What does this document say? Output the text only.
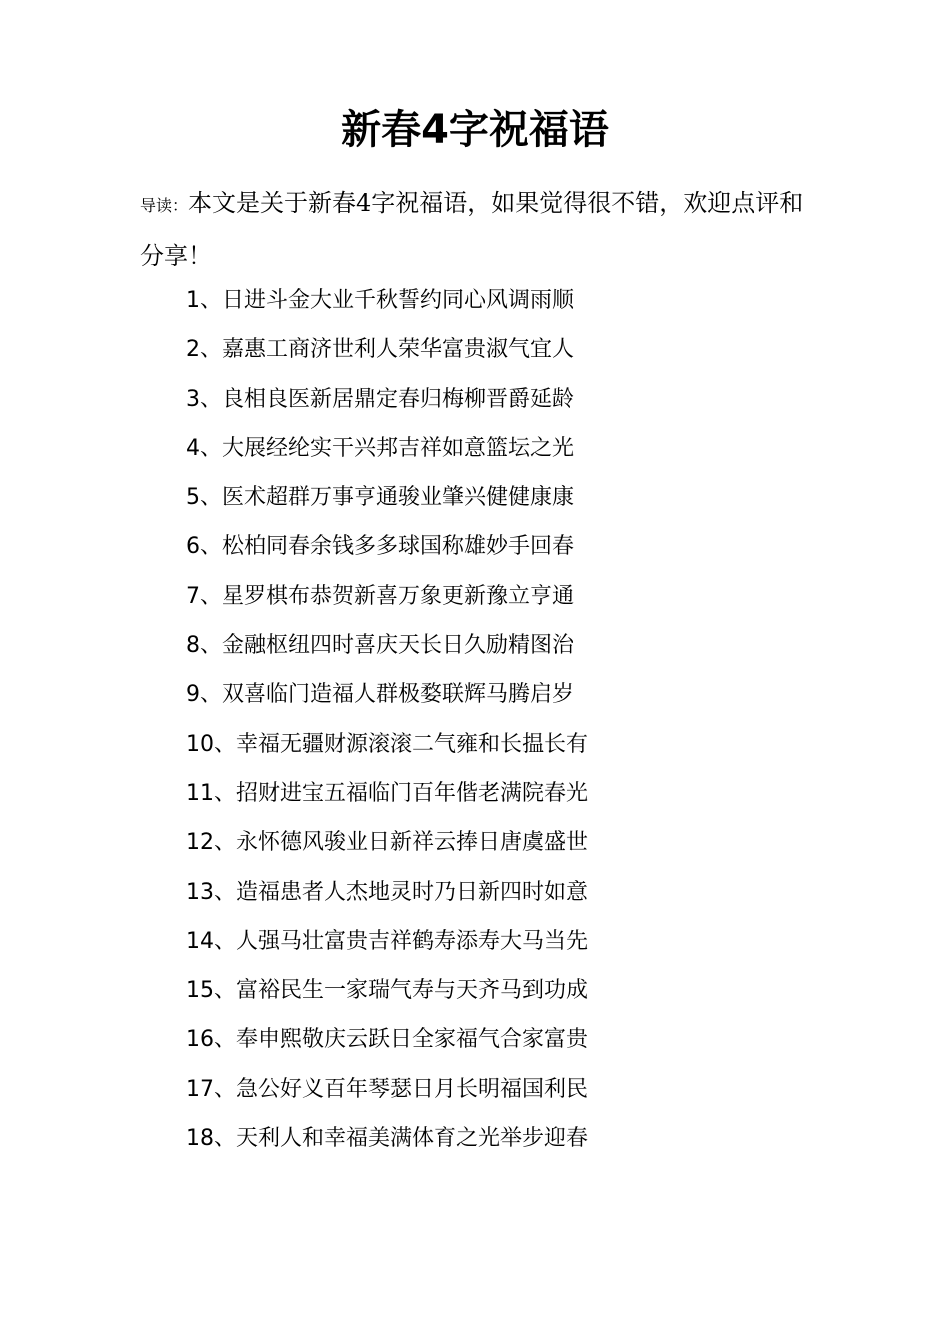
新春4字祝福语

导读：本文是关于新春4字祝福语，如果觉得很不错，欢迎点评和分享！

1、日进斗金大业千秋誓约同心风调雨顺
2、嘉惠工商济世利人荣华富贵淑气宜人
3、良相良医新居鼎定春归梅柳晋爵延龄
4、大展经纶实干兴邦吉祥如意篮坛之光
5、医术超群万事亨通骏业肇兴健健康康
6、松柏同春余钱多多球国称雄妙手回春
7、星罗棋布恭贺新喜万象更新豫立亨通
8、金融枢纽四时喜庆天长日久励精图治
9、双喜临门造福人群极婺联辉马腾启岁
10、幸福无疆财源滚滚二气雍和长揾长有
11、招财进宝五福临门百年偕老满院春光
12、永怀德风骏业日新祥云捧日唐虞盛世
13、造福患者人杰地灵时乃日新四时如意
14、人强马壮富贵吉祥鹤寿添寿大马当先
15、富裕民生一家瑞气寿与天齐马到功成
16、奉申熙敬庆云跃日全家福气合家富贵
17、急公好义百年琴瑟日月长明福国利民
18、天利人和幸福美满体育之光举步迎春
